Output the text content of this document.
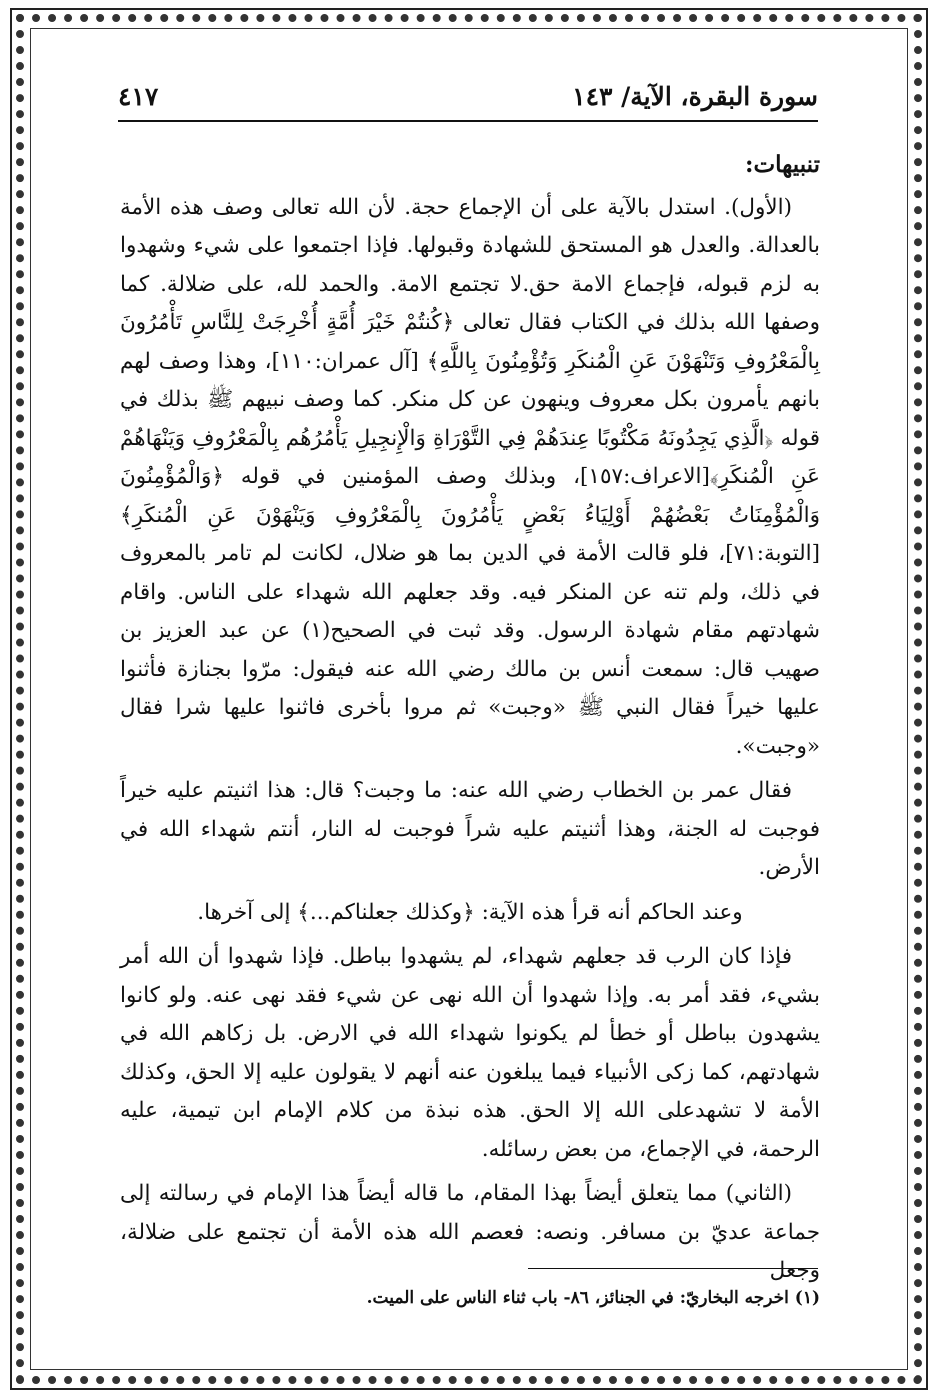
سورة البقرة، الآية/ ١٤٣
٤١٧
تنبيهات:

(الأول). استدل بالآية على أن الإجماع حجة. لأن الله تعالى وصف هذه الأمة بالعدالة. والعدل هو المستحق للشهادة وقبولها. فإذا اجتمعوا على شيء وشهدوا به لزم قبوله، فإجماع الامة حق.لا تجتمع الامة. والحمد لله، على ضلالة. كما وصفها الله بذلك في الكتاب فقال تعالى ﴿كُنتُمْ خَيْرَ أُمَّةٍ أُخْرِجَتْ لِلنَّاسِ تَأْمُرُونَ بِالْمَعْرُوفِ وَتَنْهَوْنَ عَنِ الْمُنكَرِ وَتُؤْمِنُونَ بِاللَّهِ﴾ [آل عمران:١١٠]، وهذا وصف لهم بانهم يأمرون بكل معروف وينهون عن كل منكر. كما وصف نبيهم ﷺ بذلك في قوله ﴿الَّذِي يَجِدُونَهُ مَكْتُوبًا عِندَهُمْ فِي التَّوْرَاةِ وَالْإِنجِيلِ يَأْمُرُهُم بِالْمَعْرُوفِ وَيَنْهَاهُمْ عَنِ الْمُنكَرِ﴾[الاعراف:١٥٧]، وبذلك وصف المؤمنين في قوله ﴿وَالْمُؤْمِنُونَ وَالْمُؤْمِنَاتُ بَعْضُهُمْ أَوْلِيَاءُ بَعْضٍ يَأْمُرُونَ بِالْمَعْرُوفِ وَيَنْهَوْنَ عَنِ الْمُنكَرِ﴾ [التوبة:٧١]، فلو قالت الأمة في الدين بما هو ضلال، لكانت لم تامر بالمعروف في ذلك، ولم تنه عن المنكر فيه. وقد جعلهم الله شهداء على الناس. واقام شهادتهم مقام شهادة الرسول. وقد ثبت في الصحيح(١) عن عبد العزيز بن صهيب قال: سمعت أنس بن مالك رضي الله عنه فيقول: مرّوا بجنازة فأثنوا عليها خيراً فقال النبي ﷺ «وجبت» ثم مروا بأخرى فاثنوا عليها شرا فقال «وجبت».

فقال عمر بن الخطاب رضي الله عنه: ما وجبت؟ قال: هذا اثنيتم عليه خيراً فوجبت له الجنة، وهذا أثنيتم عليه شراً فوجبت له النار، أنتم شهداء الله في الأرض.

وعند الحاكم أنه قرأ هذه الآية: ﴿وكذلك جعلناكم...﴾ إلى آخرها.

فإذا كان الرب قد جعلهم شهداء، لم يشهدوا بباطل. فإذا شهدوا أن الله أمر بشيء، فقد أمر به. وإذا شهدوا أن الله نهى عن شيء فقد نهى عنه. ولو كانوا يشهدون بباطل أو خطأ لم يكونوا شهداء الله في الارض. بل زكاهم الله في شهادتهم، كما زكى الأنبياء فيما يبلغون عنه أنهم لا يقولون عليه إلا الحق، وكذلك الأمة لا تشهدعلى الله إلا الحق. هذه نبذة من كلام الإمام ابن تيمية، عليه الرحمة، في الإجماع، من بعض رسائله.

(الثاني) مما يتعلق أيضاً بهذا المقام، ما قاله أيضاً هذا الإمام في رسالته إلى جماعة عديّ بن مسافر. ونصه: فعصم الله هذه الأمة أن تجتمع على ضلالة، وجعل

(١) اخرجه البخاريّ: في الجنائز، ٨٦- باب ثناء الناس على الميت.
